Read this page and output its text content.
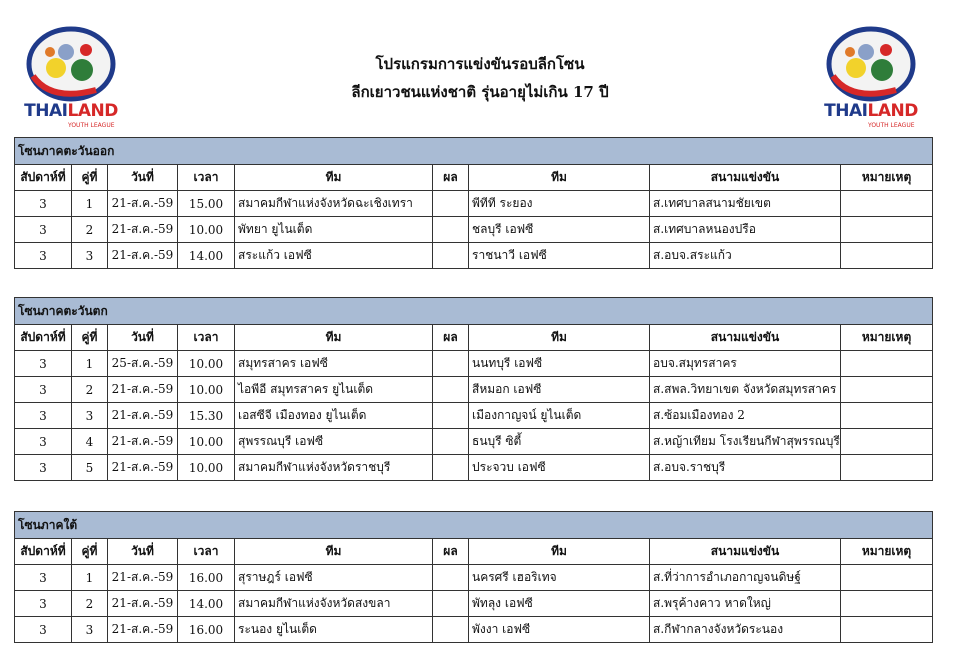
THAILAND
YOUTH LEAGUE
THAILAND
YOUTH LEAGUE
โปรแกรมการแข่งขันรอบลีกโซน
ลีกเยาวชนแห่งชาติ รุ่นอายุไม่เกิน 17 ปี
โซนภาคตะวันออก								
สัปดาห์ที่	คู่ที่	วันที่	เวลา	ทีม	ผล	ทีม	สนามแข่งขัน	หมายเหตุ
3	1	21-ส.ค.-59	15.00	สมาคมกีฬาแห่งจังหวัดฉะเชิงเทรา		พีทีที ระยอง	ส.เทศบาลสนามชัยเขต	
3	2	21-ส.ค.-59	10.00	พัทยา ยูไนเต็ด		ชลบุรี เอฟซี	ส.เทศบาลหนองปรือ	
3	3	21-ส.ค.-59	14.00	สระแก้ว เอฟซี		ราชนาวี เอฟซี	ส.อบจ.สระแก้ว	
โซนภาคตะวันตก								
สัปดาห์ที่	คู่ที่	วันที่	เวลา	ทีม	ผล	ทีม	สนามแข่งขัน	หมายเหตุ
3	1	25-ส.ค.-59	10.00	สมุทรสาคร เอฟซี		นนทบุรี เอฟซี	อบจ.สมุทรสาคร	
3	2	21-ส.ค.-59	10.00	ไอพีอี สมุทรสาคร ยูไนเต็ด		สีหมอก เอฟซี	ส.สพล.วิทยาเขต จังหวัดสมุทรสาคร	
3	3	21-ส.ค.-59	15.30	เอสซีจี เมืองทอง ยูไนเต็ด		เมืองกาญจน์ ยูไนเต็ด	ส.ซ้อมเมืองทอง 2	
3	4	21-ส.ค.-59	10.00	สุพรรณบุรี เอฟซี		ธนบุรี ซิตี้	ส.หญ้าเทียม โรงเรียนกีฬาสุพรรณบุรี	
3	5	21-ส.ค.-59	10.00	สมาคมกีฬาแห่งจังหวัดราชบุรี		ประจวบ เอฟซี	ส.อบจ.ราชบุรี	
โซนภาคใต้								
สัปดาห์ที่	คู่ที่	วันที่	เวลา	ทีม	ผล	ทีม	สนามแข่งขัน	หมายเหตุ
3	1	21-ส.ค.-59	16.00	สุราษฎร์ เอฟซี		นครศรี เฮอริเทจ	ส.ที่ว่าการอำเภอกาญจนดิษฐ์	
3	2	21-ส.ค.-59	14.00	สมาคมกีฬาแห่งจังหวัดสงขลา		พัทลุง เอฟซี	ส.พรุค้างคาว หาดใหญ่	
3	3	21-ส.ค.-59	16.00	ระนอง ยูไนเต็ด		พังงา เอฟซี	ส.กีฬากลางจังหวัดระนอง	
